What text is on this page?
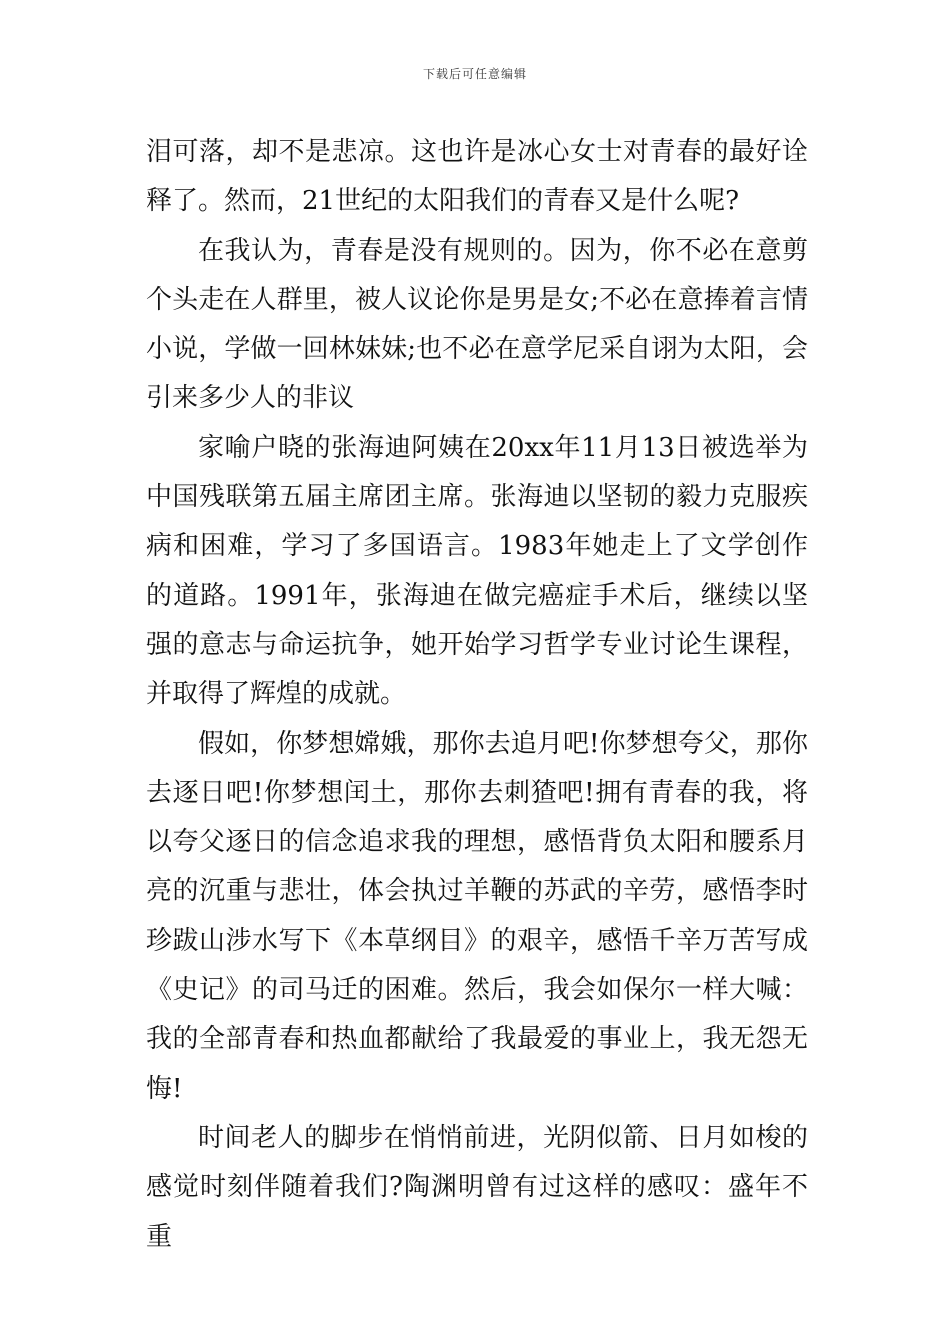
下载后可任意编辑

泪可落，却不是悲凉。这也许是冰心女士对青春的最好诠释了。然而，21世纪的太阳我们的青春又是什么呢?

在我认为，青春是没有规则的。因为，你不必在意剪个头走在人群里，被人议论你是男是女;不必在意捧着言情小说，学做一回林妹妹;也不必在意学尼采自诩为太阳，会引来多少人的非议

家喻户晓的张海迪阿姨在20xx年11月13日被选举为中国残联第五届主席团主席。张海迪以坚韧的毅力克服疾病和困难，学习了多国语言。1983年她走上了文学创作的道路。1991年，张海迪在做完癌症手术后，继续以坚强的意志与命运抗争，她开始学习哲学专业讨论生课程，并取得了辉煌的成就。

假如，你梦想嫦娥，那你去追月吧!你梦想夸父，那你去逐日吧!你梦想闰土，那你去刺猹吧!拥有青春的我，将以夸父逐日的信念追求我的理想，感悟背负太阳和腰系月亮的沉重与悲壮，体会执过羊鞭的苏武的辛劳，感悟李时珍跋山涉水写下《本草纲目》的艰辛，感悟千辛万苦写成《史记》的司马迁的困难。然后，我会如保尔一样大喊：我的全部青春和热血都献给了我最爱的事业上，我无怨无悔!

时间老人的脚步在悄悄前进，光阴似箭、日月如梭的感觉时刻伴随着我们?陶渊明曾有过这样的感叹：盛年不重
